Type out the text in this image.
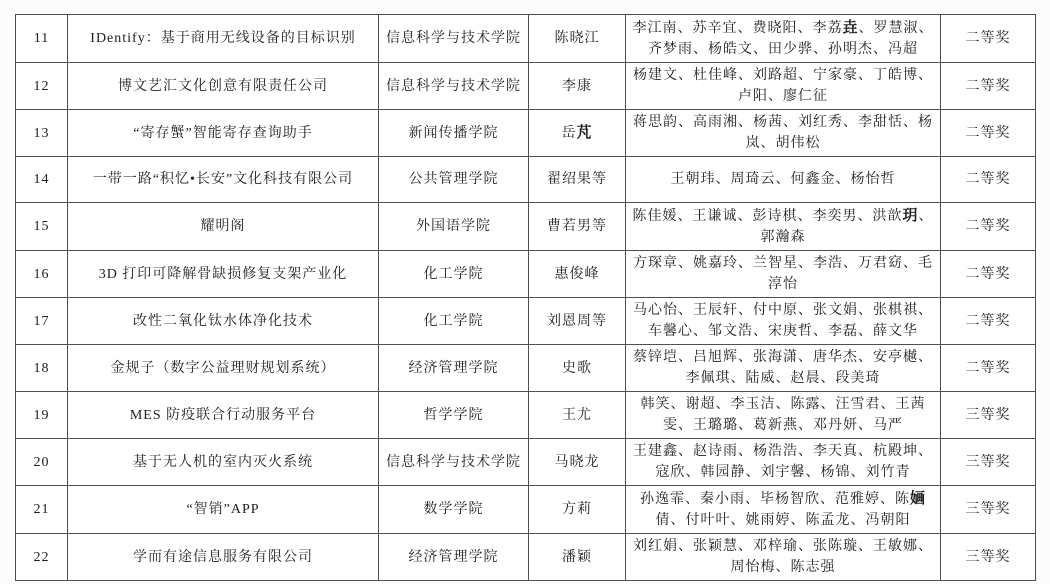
11	IDentify：基于商用无线设备的目标识别	信息科学与技术学院	陈晓江	李江南、苏辛宜、费晓阳、李荔垚、罗慧淑、齐梦雨、杨皓文、田少骅、孙明杰、冯超	二等奖
12	博文艺汇文化创意有限责任公司	信息科学与技术学院	李康	杨建文、杜佳峰、刘路超、宁家豪、丁皓博、卢阳、廖仁征	二等奖
13	“寄存蟹”智能寄存查询助手	新闻传播学院	岳芃	蒋思韵、高雨湘、杨茜、刘红秀、李甜恬、杨岚、胡伟松	二等奖
14	一带一路“积忆•长安”文化科技有限公司	公共管理学院	翟绍果等	王朝玮、周琦云、何鑫金、杨怡哲	二等奖
15	耀明阁	外国语学院	曹若男等	陈佳媛、王谦诚、彭诗棋、李奕男、洪歆玥、郭瀚森	二等奖
16	3D 打印可降解骨缺损修复支架产业化	化工学院	惠俊峰	方琛章、姚嘉玲、兰智星、李浩、万君窈、毛淳怡	二等奖
17	改性二氧化钛水体净化技术	化工学院	刘恩周等	马心怡、王辰轩、付中原、张文娟、张棋祺、车馨心、邹文浩、宋庚哲、李磊、薛文华	二等奖
18	金规子（数字公益理财规划系统）	经济管理学院	史歌	蔡锌垲、吕旭辉、张海潇、唐华杰、安亭樾、李佩琪、陆威、赵晨、段美琦	二等奖
19	MES 防疫联合行动服务平台	哲学学院	王尤	韩笑、谢超、李玉洁、陈露、汪雪君、王茜雯、王璐璐、葛新燕、邓丹妍、马严	三等奖
20	基于无人机的室内灭火系统	信息科学与技术学院	马晓龙	王建鑫、赵诗雨、杨浩浩、李天真、杭殿坤、寇欣、韩园静、刘宇馨、杨锦、刘竹青	三等奖
21	“智销”APP	数学学院	方莉	孙逸霏、秦小雨、毕杨智欣、范雅婷、陈婳倩、付叶叶、姚雨婷、陈孟龙、冯朝阳	三等奖
22	学而有途信息服务有限公司	经济管理学院	潘颖	刘红娟、张颖慧、邓梓瑜、张陈璇、王敏娜、周怡梅、陈志强	三等奖
